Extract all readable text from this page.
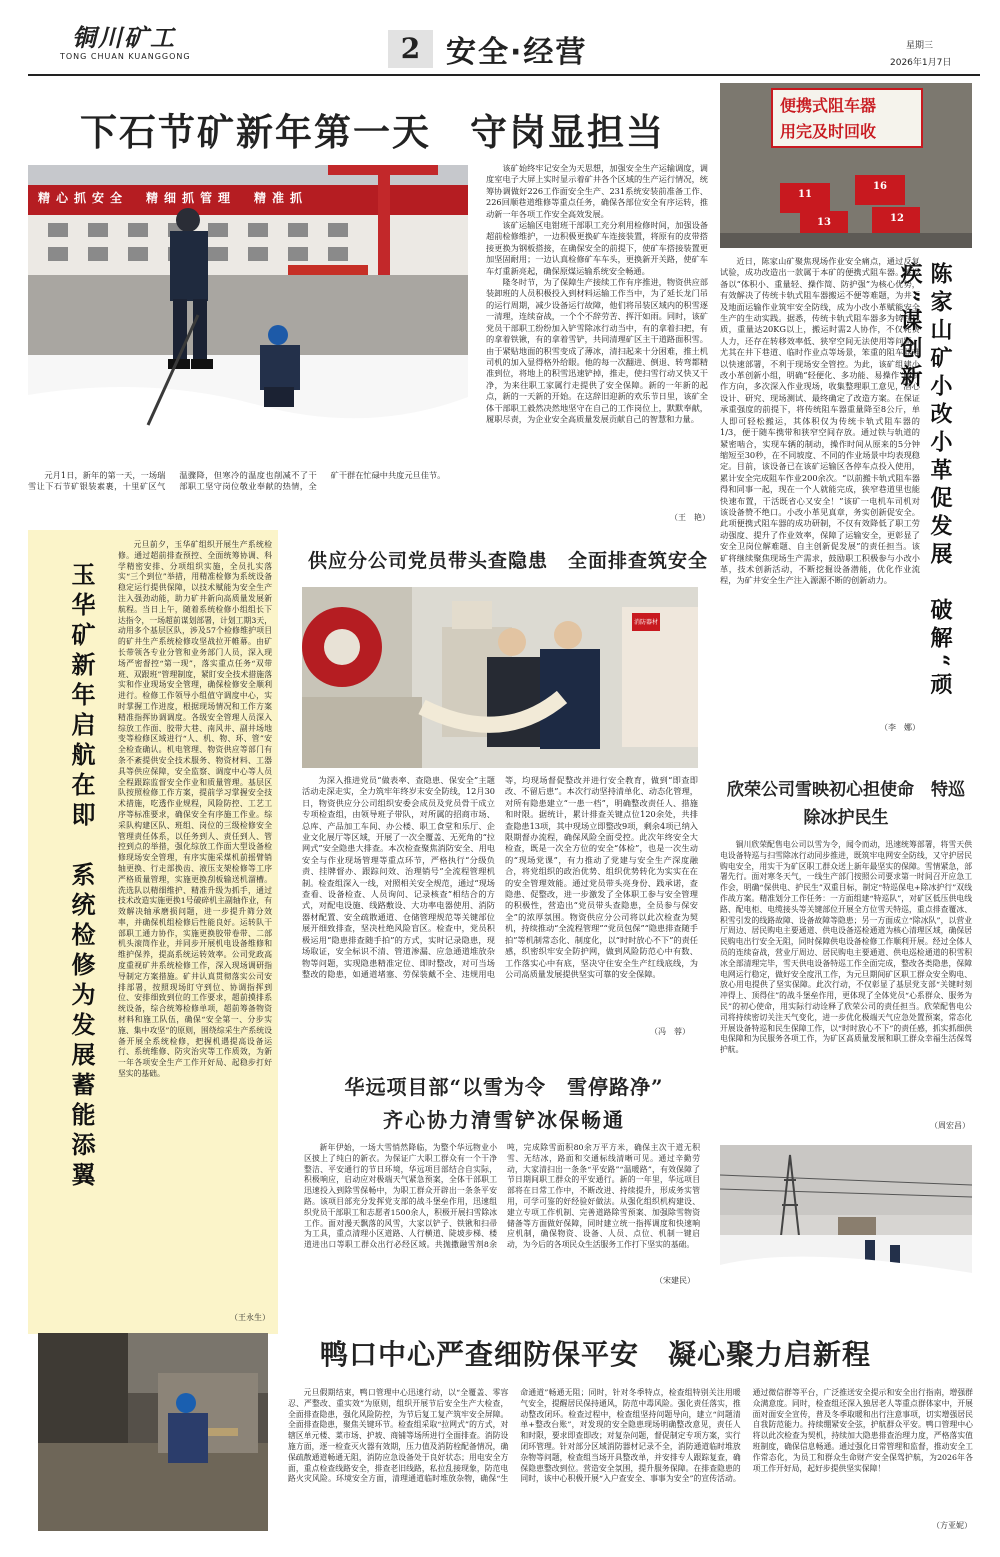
铜川矿工
TONG CHUAN KUANGGONG	2 安全·经营	星期三
2026年1月7日
下石节矿新年第一天　守岗显担当
精心抓安全　精细抓管理　精准抓

元月1日，新年的第一天，一场瑞雪让下石节矿银装素裹，十里矿区气温骤降，但寒冷的温度也削减不了干部职工坚守岗位敬业奉献的热情，全矿干群在忙碌中共度元旦佳节。

该矿始终牢记安全为天思想，加强安全生产运输调度，调度室电子大屏上实时显示着矿井各个区域的生产运行情况，统筹协调做好226工作面安全生产、231系统安装前准备工作、226回顺巷道维修等重点任务，确保各部位安全有序运转，推动新一年各项工作安全高效发展。

该矿运输区电钳班干部职工充分利用检修时间，加强设备超前检修维护，一边积极更换矿车连接装置，将原有的皮带搭接更换为钢板搭接，在确保安全的前提下，使矿车搭接装置更加坚固耐用；一边认真检修矿车车头，更换新开关路，使矿车车灯重新亮起，确保原煤运输系统安全畅通。

隆冬时节，为了保障生产接续工作有序推进，物资供应部装卸班的人员积极投入到材料运输工作当中，为了延长龙门吊的运行周期，减少设备运行故障，他们将吊装区域内的积雪逐一清理，连续奋战，一个个不辞劳苦、挥汗如雨。同时，该矿党员干部职工纷纷加入铲雪除冰行动当中，有的拿着扫把，有的拿着铁锹，有的拿着雪铲，共同清理矿区主干道路面积雪。由于紧贴地面的积雪变成了薄冰，清扫起来十分困难，推土机司机的加入显得格外给眼。他的每一次翻进、倒退、转弯都精准到位，将地上的积雪迅速铲掉，推走，使扫雪行动又快又干净，为来往职工家属行走提供了安全保障。新的一年新的起点，新的一天新的开始。在这辞旧迎新的欢乐节日里，该矿全体干部职工毅然决然地坚守在自己的工作岗位上，默默奉献，履职尽责，为企业安全高质量发展贡献自己的智慧和力量。

（王　艳）
便携式阻车器
用完及时回收
11
16
13	12

近日，陈家山矿聚焦现场作业安全痛点，通过反复试验，成功改造出一款属于本矿的便携式阻车器。该设备以“体积小、重量轻、操作简、防护强”为核心优势，有效解决了传统卡轨式阻车器搬运不便等难题，为井下及地面运输作业筑牢安全防线，成为小改小革赋能安全生产的生动实践。据悉，传统卡轨式阻车器多为铸铁材质，重量达20KG以上，搬运时需2人协作，不仅耗费人力，还存在转移效率低、狭窄空间无法使用等问题。尤其在井下巷道、临时作业点等场景，笨重的阻车器难以快速部署，不利于现场安全管控。为此，该矿组建小改小革创新小组，明确“轻便化、多功能、易操作”的制作方向，多次深入作业现场，收集整理职工意见，潜心设计、研究、现场测试、最终确定了改造方案。在保证承重强度的前提下，将传统阻车器重量降至8公斤，单人即可轻松搬运，其体积仅为传统卡轨式阻车器的1/3，便于随车携带和狭窄空间存放。通过铁与轨道的紧密啮合，实现车辆的制动，操作时间从原来的5分钟缩短至30秒，在不同坡度、不同的作业场景中均表现稳定。目前，该设备已在该矿运输区各停车点投入使用，累计安全完成阻车作业200余次。“以前搬卡轨式阻车器得和同事一起，现在一个人就能完成，狭窄巷道里也能快速布置，干活既省心又安全！”该矿一电机车司机对该设备赞不绝口。小改小革见真章，务实创新促安全。此项便携式阻车器的成功研制，不仅有效降低了职工劳动强度、提升了作业效率，保障了运输安全，更彰显了安全卫岗位解难题、自主创新促发展”的责任担当。该矿将继续聚焦现场生产需求，鼓励职工积极参与小改小革，技术创新活动，不断挖掘设备潜能，优化作业流程，为矿井安全生产注入源源不断的创新动力。

（李　娜）
陈家山矿小改小革促发展　破解“顽疾”谋创新
玉华矿新年启航在即　系统检修为发展蓄能添翼

元旦前夕，玉华矿组织开展生产系统检修。通过超前排查预控、全面统筹协调、科学精密安排、分项组织实施，全员扎实落实“三个到位”举措，用精准检修为系统设备稳定运行提供保障，以技术赋能为安全生产注入强劲动能，助力矿井新向高质量发展新航程。当日上午，随着系统检修小组组长下达指令，一场超前谋划部署，计划工期3天，动用多个基层区队，涉及57个检修维护项目的矿井生产系统检修攻坚战拉开帷幕。由矿长带领各专业分管和业务部门人员，深入现场严密督控“第一现”，落实重点任务“双带班、双跟班”管理制度，紧盯安全技术措施落实和作业现场安全管理，确保检修安全顺利进行。检修工作领导小组值守调度中心，实时掌握工作进度，根据现场情况和工作方案精准指挥协调调度。各级安全管理人员深入综放工作面、胶带大巷、南风井、副井场地变等检修区域进行“人、机、物、环、管”安全检查确认。机电管理、物资供应等部门有条不紊提供安全技术服务、物资材料、工器具等供应保障，安全监察、调度中心等人员全程跟踪监督安全作业和质量管理。基层区队按照检修工作方案，提前学习掌握安全技术措施，吃透作业规程，风险防控、工艺工序等标准要求，确保安全有序施工作业。综采队构建区队、班组、岗位的三级检修安全管理责任体系，以任务到人、责任到人、管控到点的举措，强化综放工作面大型设备检修现场安全管理，有序实施采煤机前摇臂销轴更换、行走部换齿、液压支架检修等工序严格质量管理，实施更换刮板输送机溜槽。洗选队以精细维护、精准升级为抓手，通过技术改造实施更换1号破碎机主副轴作业，有效解决轴承磨损问题，进一步提升筛分效率，并确保机组检修后性能良好。运转队干部职工通力协作，实施更换胶带卷带、二部机头滚筒作业，并同步开展机电设备维修和维护保养，提高系统运转效率。公司党政高度重视矿井系统检修工作，深入现场调研指导制定方案措施。矿井认真贯彻落实公司安排部署，按照现场盯守到位、协调指挥到位、安排细致到位的工作要求，超前摸排系统设备，综合统筹检修单项，超前筹备物资材料和施工队伍，确保“安全第一、分步实施、集中攻坚”的原则，围绕综采生产系统设备开展全系统检修，把握机遇提高设备运行、系统维修、防灾治灾等工作质效，为新一年各项安全生产工作开好局、起稳步打好坚实的基础。

（王永生）
供应分公司党员带头查隐患　全面排查筑安全
消防器材

为深入推进党员“做表率、查隐患、保安全”主题活动走深走实，全力筑牢年终岁末安全防线，12月30日，物资供应分公司组织安委会成员及党员骨干成立专项检查组，由领导班子带队，对所属的招商市场、总库、产品加工车间、办公楼、职工食堂和乐厅、企业文化展厅等区域，开展了一次全覆盖、无死角的“拉网式”安全隐患大排查。本次检查聚焦消防安全、用电安全与作业现场管理等重点环节，严格执行“分级负责、挂牌督办、跟踪问效、治理销号”全流程管理机制。检查组深入一线，对照相关安全规范，通过“现场查看、设备检查、人员询问、记录核查”相结合的方式，对配电设施、线路敷设、大功率电器使用、消防器材配置、安全疏散通道、仓储管理规范等关键部位展开细致排查，坚决杜绝风险盲区。检查中，党员积极运用“隐患排查随手拍”的方式，实时记录隐患，现场取证，安全标识不清、管道渗漏、应急通道堆放杂物等问题，实现隐患精准定位、即时整改，对可当场整改的隐患，如通道堵塞、劳保装戴不全、违规用电等，均现场督促整改并进行安全教育，做到“即查即改、不留后患”。本次行动坚持清单化、动态化管理，对所有隐患建立“一患一档”，明确整改责任人、措施和时限。据统计，累计排查关键点位120余处，共排查隐患13项，其中现场立即整改9项，剩余4项已纳入限期督办流程，确保风险全面受控。此次年终安全大检查，既是一次全方位的安全“体检”，也是一次生动的“现场党课”，有力推动了党建与安全生产深度融合，将党组织的政治优势、组织优势转化为实实在在的安全管理效能。通过党员带头亮身份、践承诺，查隐患、促整改，进一步激发了全体职工参与安全管理的积极性，营造出“党员带头查隐患，全员参与保安全”的浓厚氛围。物资供应分公司将以此次检查为契机，持续推动“全流程管理”“党员包保”“隐患排查随手拍”等机制常态化、制度化，以“时时放心不下”的责任感，织密织牢安全防护网，做到风险防范心中有数、工作落实心中有底，坚决守住安全生产红线底线，为公司高质量发展提供坚实可靠的安全保障。

（冯　蓉）
欣荣公司雪映初心担使命　特巡除冰护民生

铜川欣荣配售电公司以雪为令，闻令而动，迅速统筹部署，将雪天供电设备特巡与扫雪除冰行动同步推进，既筑牢电网安全防线，又守护居民购电安全，用实干为矿区职工群众送上新年最坚实的保障。雪情紧急，部署先行。面对寒冬天气，一线生产部门按照公司要求第一时间召开应急工作会，明确“保供电、护民生”双重目标，制定“特巡保电+除冰护行”双线作战方案。精准划分工作任务：一方面组建“特巡队”，对矿区低压供电线路、配电柜、电缆接头等关键部位开展全方位雪天特巡，重点排查覆冰、积雪引发的线路故障、设备故障等隐患；另一方面成立“除冰队”，以营业厅周边、居民购电主要通道、供电设备巡检通道为核心清理区域，确保居民购电出行安全无阻，同时保障供电设备检修工作顺利开展。经过全体人员的连续奋战，营业厅周边、居民购电主要通道、供电巡检通道的积雪积冰全部清理完毕，雪天供电设备特巡工作全面完成，整改各类隐患，保障电网运行稳定，做好安全度汛工作，为元旦期间矿区职工群众安全购电、放心用电提供了坚实保障。此次行动，不仅彰显了基层党支部“关键时刻冲得上、顶得住”的战斗堡垒作用，更体现了全体党员“心系群众、服务为民”的初心使命，用实际行动诠释了欣荣公司的责任担当。欣荣配售电公司将持续密切关注天气变化，进一步优化极端天气应急处置预案，常态化开展设备特巡和民生保障工作，以“时时放心不下”的责任感，抓实抓细供电保障和为民服务各项工作，为矿区高质量发展和职工群众幸福生活保驾护航。

（周宏昌）
华远项目部“以雪为令　雪停路净”
齐心协力清雪铲冰保畅通

新年伊始，一场大雪悄然降临，为整个华远物业小区披上了纯白的新衣。为保证广大职工群众有一个干净整洁、平安通行的节日环境，华远项目部结合自实际，积极响应，启动应对极端天气紧急预案，全体干部职工迅速投入到除雪保畅中，为职工群众开辟出一条条平安路。该项目部充分发挥党支部的战斗堡垒作用，迅速组织党员干部职工和志愿者1500余人，积极开展扫雪除冰工作。面对漫天飘落的风雪，大家以铲子、铁锹和扫帚为工具，重点清理小区道路、人行横道、陡坡步梯、楼道进出口等职工群众出行必经区域。共抛撒融雪剂8余吨，完成除雪面积80余万平方米，确保主次干道无积雪、无结冰，路面和交通标线清晰可见。通过辛勤劳动，大家清扫出一条条“平安路”“温暖路”，有效保障了节日期间职工群众的平安通行。新的一年里，华远项目部将在日常工作中，不断改进、持续提升，形成务实管用，可学可鉴的好经验好做法。从强化组织机构建设、建立专项工作机制、完善道路除雪预案、加强除雪物资储备等方面做好保障，同时建立统一指挥调度和快速响应机制，确保物资、设备、人员、点位、机制一键启动，为今后的各项民众生活服务工作打下坚实的基础。

（宋建民）
鸭口中心严查细防保平安　凝心聚力启新程

元旦假期结束，鸭口管理中心迅速行动，以“全覆盖、零容忍、严整改、重实效”为原则，组织开展节后安全生产大检查，全面排查隐患，强化风险防控，为节后复工复产筑牢安全屏障。全面排查隐患，聚焦关键环节。检查组采取“拉网式”的方式，对辖区单元楼、菜市场、护坡、商铺等场所进行全面排查。消防设施方面，逐一检查灭火器有效期，压力值及消防栓配备情况，确保疏散通道畅通无阻，消防应急设备处于良好状态；用电安全方面，重点检查线路安全，排查老旧线路，私拉乱接现象，防范电路火灾风险。环境安全方面，清理通道临时堆放杂物，确保“生命通道”畅通无阻；同时，针对冬季特点，检查组特别关注用暖气安全，提醒居民保持通风，防范中毒风险。强化责任落实，推动整改闭环。检查过程中，检查组坚持问题导向，建立“问题清单+整改台账”，对发现的安全隐患现场明确整改意见，责任人和时限，要求即查即改；对复杂问题，督促制定专项方案，实行闭环管理。针对部分区域消防器材记录不全，消防通道临时堆放杂物等问题，检查组当场开具整改单，并安排专人跟踪复查，确保隐患整改到位。营造安全氛围，提升服务保障。在排查隐患的同时，该中心积极开展“入户查安全、事事为安全”的宣传活动。通过微信群等平台，广泛推送安全提示和安全出行指南，增强群众满意度。同时，检查组还深入独居老人等重点群体家中，开展面对面安全宣传，普及冬季取暖和出行注意事项，切实增强居民自我防范能力。持续绷紧安全弦，护航群众平安。鸭口管理中心将以此次检查为契机，持续加大隐患排查治理力度，严格落实值班制度，确保信息畅通。通过强化日常管理和监督，推动安全工作常态化，为员工和群众生命财产安全保驾护航，为2026年各项工作开好局，起好步提供坚实保障！

（方亚妮）
